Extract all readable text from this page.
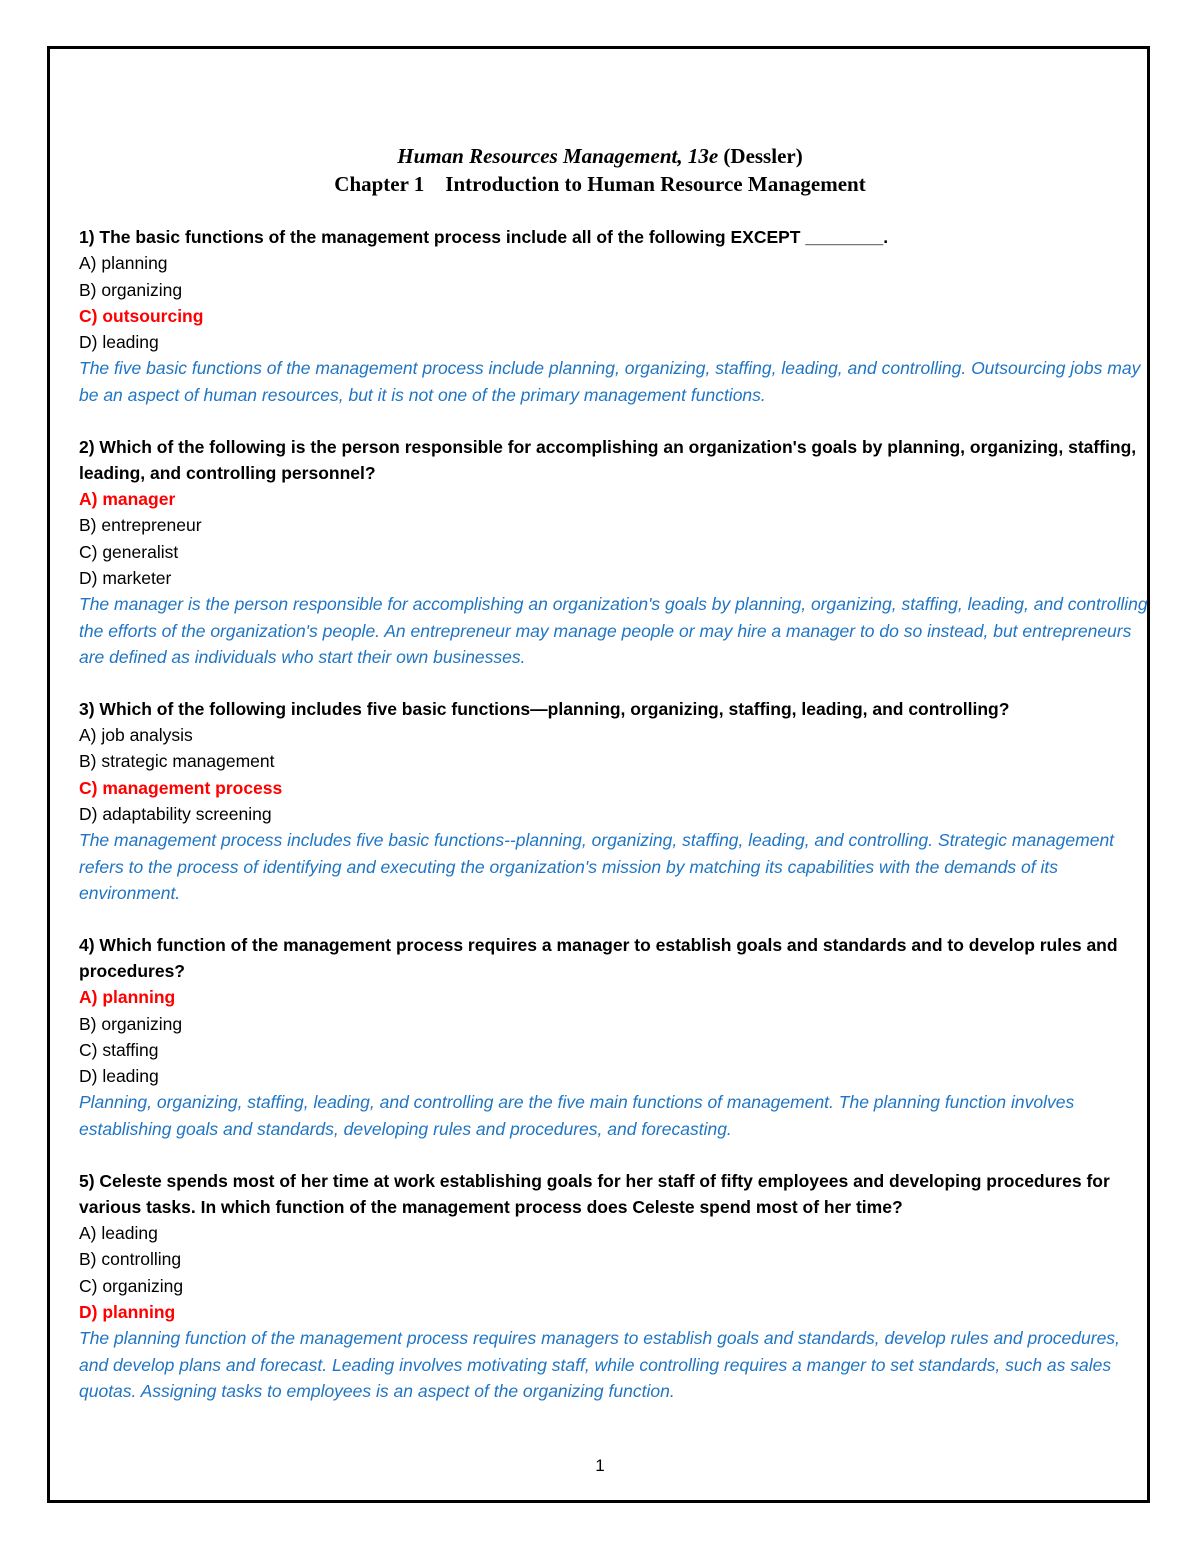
Human Resources Management, 13e (Dessler)
Chapter 1    Introduction to Human Resource Management
1) The basic functions of the management process include all of the following EXCEPT ________.
A) planning
B) organizing
C) outsourcing
D) leading
The five basic functions of the management process include planning, organizing, staffing, leading, and controlling. Outsourcing jobs may be an aspect of human resources, but it is not one of the primary management functions.
2) Which of the following is the person responsible for accomplishing an organization's goals by planning, organizing, staffing, leading, and controlling personnel?
A) manager
B) entrepreneur
C) generalist
D) marketer
The manager is the person responsible for accomplishing an organization's goals by planning, organizing, staffing, leading, and controlling the efforts of the organization's people. An entrepreneur may manage people or may hire a manager to do so instead, but entrepreneurs are defined as individuals who start their own businesses.
3) Which of the following includes five basic functions—planning, organizing, staffing, leading, and controlling?
A) job analysis
B) strategic management
C) management process
D) adaptability screening
The management process includes five basic functions--planning, organizing, staffing, leading, and controlling. Strategic management refers to the process of identifying and executing the organization's mission by matching its capabilities with the demands of its environment.
4) Which function of the management process requires a manager to establish goals and standards and to develop rules and procedures?
A) planning
B) organizing
C) staffing
D) leading
Planning, organizing, staffing, leading, and controlling are the five main functions of management. The planning function involves establishing goals and standards, developing rules and procedures, and forecasting.
5) Celeste spends most of her time at work establishing goals for her staff of fifty employees and developing procedures for various tasks. In which function of the management process does Celeste spend most of her time?
A) leading
B) controlling
C) organizing
D) planning
The planning function of the management process requires managers to establish goals and standards, develop rules and procedures, and develop plans and forecast. Leading involves motivating staff, while controlling requires a manger to set standards, such as sales quotas. Assigning tasks to employees is an aspect of the organizing function.
1
